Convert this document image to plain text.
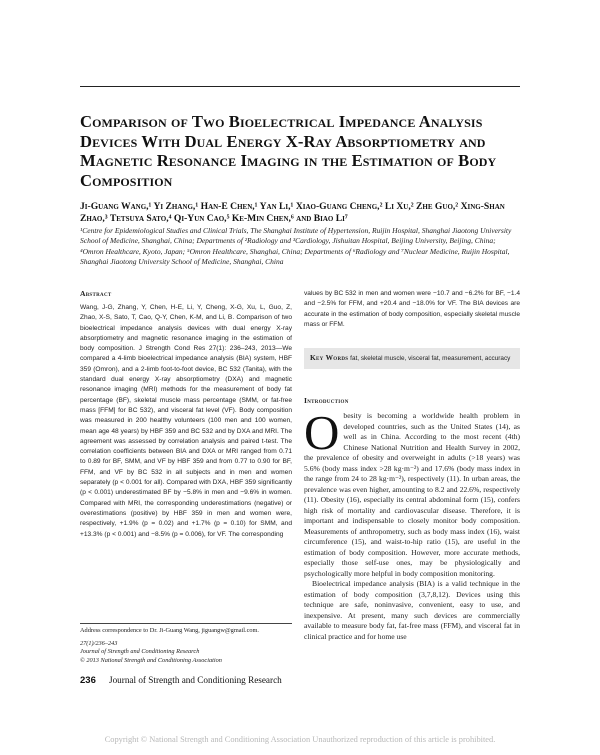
Comparison of Two Bioelectrical Impedance Analysis Devices With Dual Energy X-Ray Absorptiometry and Magnetic Resonance Imaging in the Estimation of Body Composition

Ji-Guang Wang,¹ Yi Zhang,¹ Han-E Chen,¹ Yan Li,¹ Xiao-Guang Cheng,² Li Xu,² Zhe Guo,² Xing-Shan Zhao,³ Tetsuya Sato,⁴ Qi-Yun Cao,⁵ Ke-Min Chen,⁶ and Biao Li⁷

¹Centre for Epidemiological Studies and Clinical Trials, The Shanghai Institute of Hypertension, Ruijin Hospital, Shanghai Jiaotong University School of Medicine, Shanghai, China; Departments of ²Radiology and ³Cardiology, Jishuitan Hospital, Beijing University, Beijing, China; ⁴Omron Healthcare, Kyoto, Japan; ⁵Omron Healthcare, Shanghai, China; Departments of ⁶Radiology and ⁷Nuclear Medicine, Ruijin Hospital, Shanghai Jiaotong University School of Medicine, Shanghai, China

Abstract

Wang, J-G, Zhang, Y, Chen, H-E, Li, Y, Cheng, X-G, Xu, L, Guo, Z, Zhao, X-S, Sato, T, Cao, Q-Y, Chen, K-M, and Li, B. Comparison of two bioelectrical impedance analysis devices with dual energy X-ray absorptiometry and magnetic resonance imaging in the estimation of body composition. J Strength Cond Res 27(1): 236–243, 2013—We compared a 4-limb bioelectrical impedance analysis (BIA) system, HBF 359 (Omron), and a 2-limb foot-to-foot device, BC 532 (Tanita), with the standard dual energy X-ray absorptiometry (DXA) and magnetic resonance imaging (MRI) methods for the measurement of body fat percentage (BF), skeletal muscle mass percentage (SMM, or fat-free mass [FFM] for BC 532), and visceral fat level (VF). Body composition was measured in 200 healthy volunteers (100 men and 100 women, mean age 48 years) by HBF 359 and BC 532 and by DXA and MRI. The agreement was assessed by correlation analysis and paired t-test. The correlation coefficients between BIA and DXA or MRI ranged from 0.71 to 0.89 for BF, SMM, and VF by HBF 359 and from 0.77 to 0.90 for BF, FFM, and VF by BC 532 in all subjects and in men and women separately (p < 0.001 for all). Compared with DXA, HBF 359 significantly (p < 0.001) underestimated BF by −5.8% in men and −9.6% in women. Compared with MRI, the corresponding underestimations (negative) or overestimations (positive) by HBF 359 in men and women were, respectively, +1.9% (p = 0.02) and +1.7% (p = 0.10) for SMM, and +13.3% (p < 0.001) and −8.5% (p = 0.006), for VF. The corresponding

values by BC 532 in men and women were −10.7 and −6.2% for BF, −1.4 and −2.5% for FFM, and +20.4 and −18.0% for VF. The BIA devices are accurate in the estimation of body composition, especially skeletal muscle mass or FFM.

Key Words fat, skeletal muscle, visceral fat, measurement, accuracy
Introduction

Obesity is becoming a worldwide health problem in developed countries, such as the United States (14), as well as in China. According to the most recent (4th) Chinese National Nutrition and Health Survey in 2002, the prevalence of obesity and overweight in adults (>18 years) was 5.6% (body mass index >28 kg·m⁻²) and 17.6% (body mass index in the range from 24 to 28 kg·m⁻²), respectively (11). In urban areas, the prevalence was even higher, amounting to 8.2 and 22.6%, respectively (11). Obesity (16), especially its central abdominal form (15), confers high risk of mortality and cardiovascular disease. Therefore, it is important and indispensable to closely monitor body composition. Measurements of anthropometry, such as body mass index (16), waist circumference (15), and waist-to-hip ratio (15), are useful in the estimation of body composition. However, more accurate methods, especially those self-use ones, may be physiologically and psychologically more helpful in body composition monitoring.

Bioelectrical impedance analysis (BIA) is a valid technique in the estimation of body composition (3,7,8,12). Devices using this technique are safe, noninvasive, convenient, easy to use, and inexpensive. At present, many such devices are commercially available to measure body fat, fat-free mass (FFM), and visceral fat in clinical practice and for home use

Address correspondence to Dr. Ji-Guang Wang, jiguangw@gmail.com.
27(1)/236–243
Journal of Strength and Conditioning Research
© 2013 National Strength and Conditioning Association
236 Journal of Strength and Conditioning Research
Copyright © National Strength and Conditioning Association Unauthorized reproduction of this article is prohibited.
